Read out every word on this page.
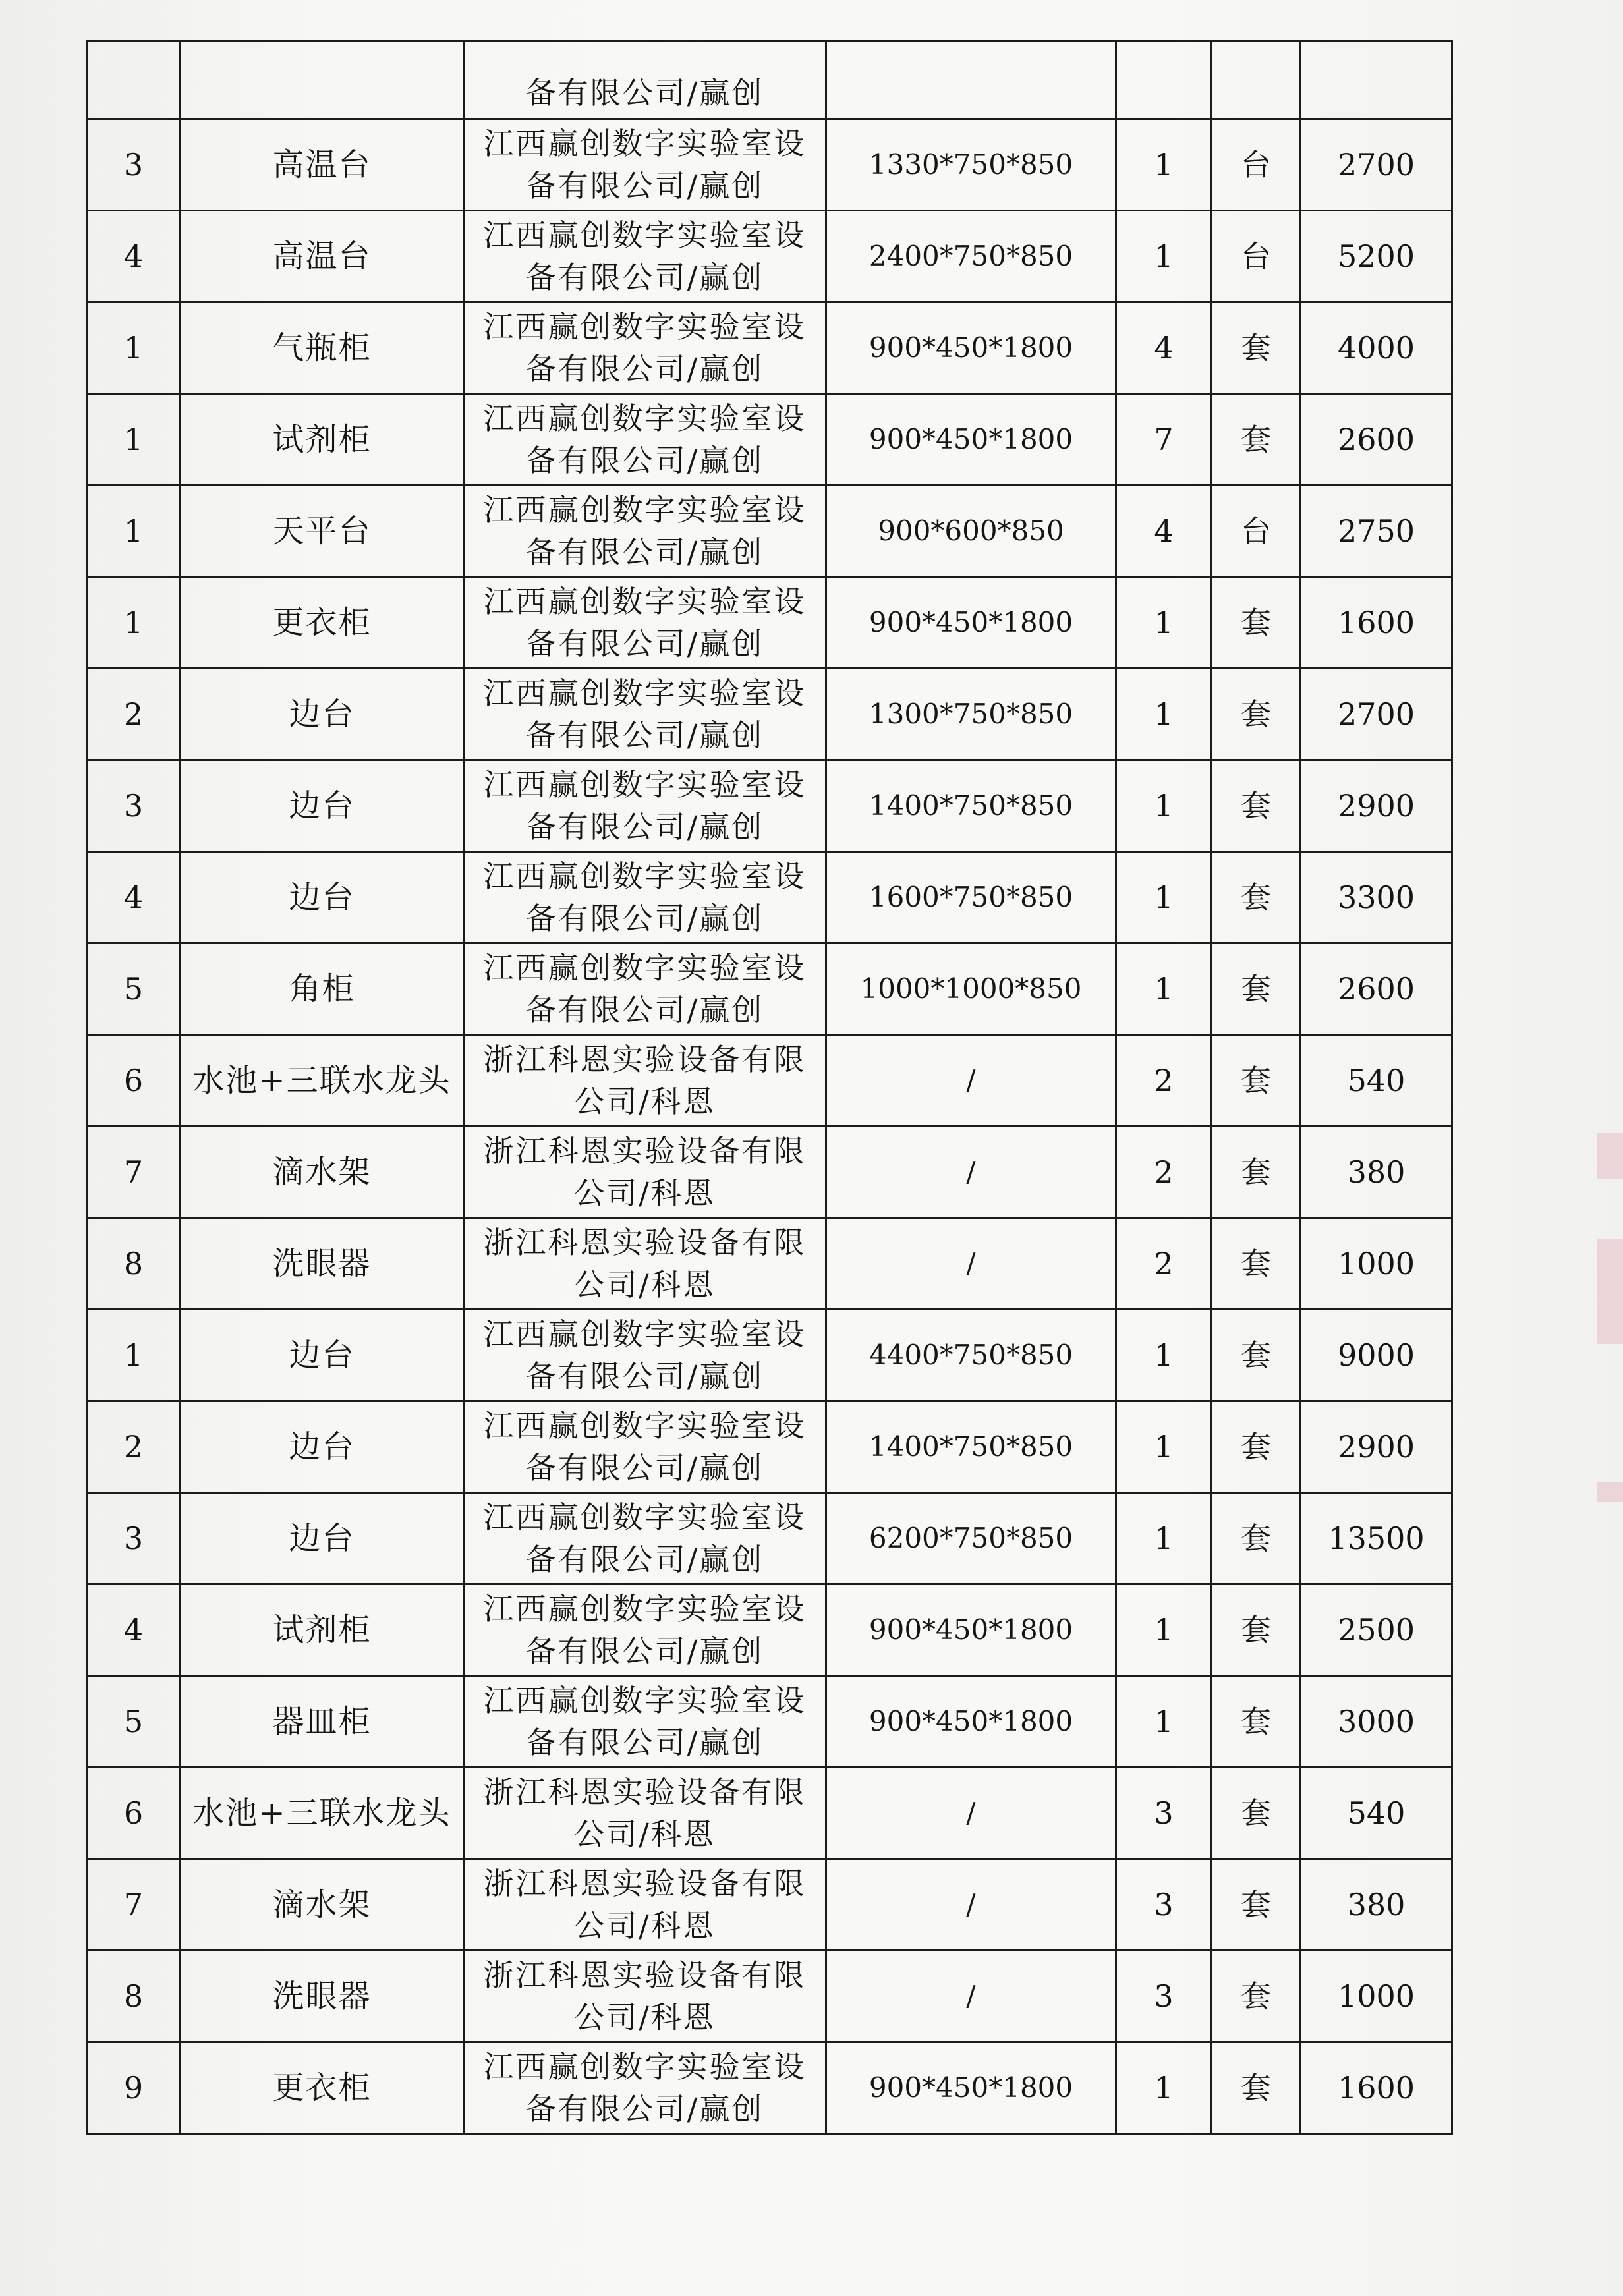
		备有限公司/赢创				
3	高温台	江西赢创数字实验室设备有限公司/赢创	1330*750*850	1	台	2700
4	高温台	江西赢创数字实验室设备有限公司/赢创	2400*750*850	1	台	5200
1	气瓶柜	江西赢创数字实验室设备有限公司/赢创	900*450*1800	4	套	4000
1	试剂柜	江西赢创数字实验室设备有限公司/赢创	900*450*1800	7	套	2600
1	天平台	江西赢创数字实验室设备有限公司/赢创	900*600*850	4	台	2750
1	更衣柜	江西赢创数字实验室设备有限公司/赢创	900*450*1800	1	套	1600
2	边台	江西赢创数字实验室设备有限公司/赢创	1300*750*850	1	套	2700
3	边台	江西赢创数字实验室设备有限公司/赢创	1400*750*850	1	套	2900
4	边台	江西赢创数字实验室设备有限公司/赢创	1600*750*850	1	套	3300
5	角柜	江西赢创数字实验室设备有限公司/赢创	1000*1000*850	1	套	2600
6	水池+三联水龙头	浙江科恩实验设备有限公司/科恩	/	2	套	540
7	滴水架	浙江科恩实验设备有限公司/科恩	/	2	套	380
8	洗眼器	浙江科恩实验设备有限公司/科恩	/	2	套	1000
1	边台	江西赢创数字实验室设备有限公司/赢创	4400*750*850	1	套	9000
2	边台	江西赢创数字实验室设备有限公司/赢创	1400*750*850	1	套	2900
3	边台	江西赢创数字实验室设备有限公司/赢创	6200*750*850	1	套	13500
4	试剂柜	江西赢创数字实验室设备有限公司/赢创	900*450*1800	1	套	2500
5	器皿柜	江西赢创数字实验室设备有限公司/赢创	900*450*1800	1	套	3000
6	水池+三联水龙头	浙江科恩实验设备有限公司/科恩	/	3	套	540
7	滴水架	浙江科恩实验设备有限公司/科恩	/	3	套	380
8	洗眼器	浙江科恩实验设备有限公司/科恩	/	3	套	1000
9	更衣柜	江西赢创数字实验室设备有限公司/赢创	900*450*1800	1	套	1600
